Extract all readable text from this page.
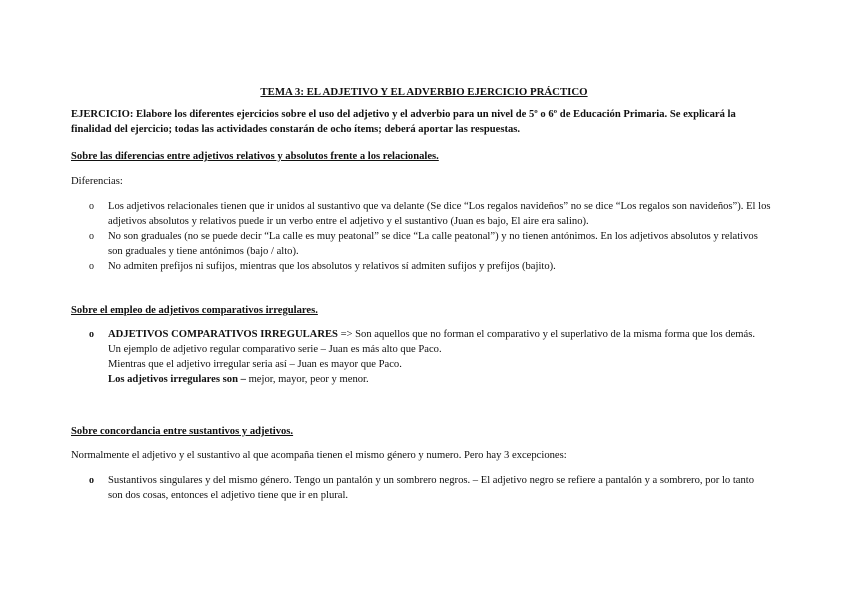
TEMA 3: EL ADJETIVO Y EL ADVERBIO EJERCICIO PRÁCTICO
EJERCICIO: Elabore los diferentes ejercicios sobre el uso del adjetivo y el adverbio para un nivel de 5º o 6º de Educación Primaria. Se explicará la finalidad del ejercicio; todas las actividades constarán de ocho ítems; deberá aportar las respuestas.
Sobre las diferencias entre adjetivos relativos y absolutos frente a los relacionales.
Diferencias:
o Los adjetivos relacionales tienen que ir unidos al sustantivo que va delante (Se dice “Los regalos navideños” no se dice “Los regalos son navideños”). El los adjetivos absolutos y relativos puede ir un verbo entre el adjetivo y el sustantivo (Juan es bajo, El aire era salino).
o No son graduales (no se puede decir “La calle es muy peatonal” se dice “La calle peatonal”) y no tienen antónimos. En los adjetivos absolutos y relativos son graduales y tiene antónimos (bajo / alto).
o No admiten prefijos ni sufijos, mientras que los absolutos y relativos sí admiten sufijos y prefijos (bajito).
Sobre el empleo de adjetivos comparativos irregulares.
o ADJETIVOS COMPARATIVOS IRREGULARES => Son aquellos que no forman el comparativo y el superlativo de la misma forma que los demás.
Un ejemplo de adjetivo regular comparativo serie – Juan es más alto que Paco.
Mientras que el adjetivo irregular seria así – Juan es mayor que Paco.
Los adjetivos irregulares son – mejor, mayor, peor y menor.
Sobre concordancia entre sustantivos y adjetivos.
Normalmente el adjetivo y el sustantivo al que acompaña tienen el mismo género y numero. Pero hay 3 excepciones:
o Sustantivos singulares y del mismo género. Tengo un pantalón y un sombrero negros. – El adjetivo negro se refiere a pantalón y a sombrero, por lo tanto son dos cosas, entonces el adjetivo tiene que ir en plural.
